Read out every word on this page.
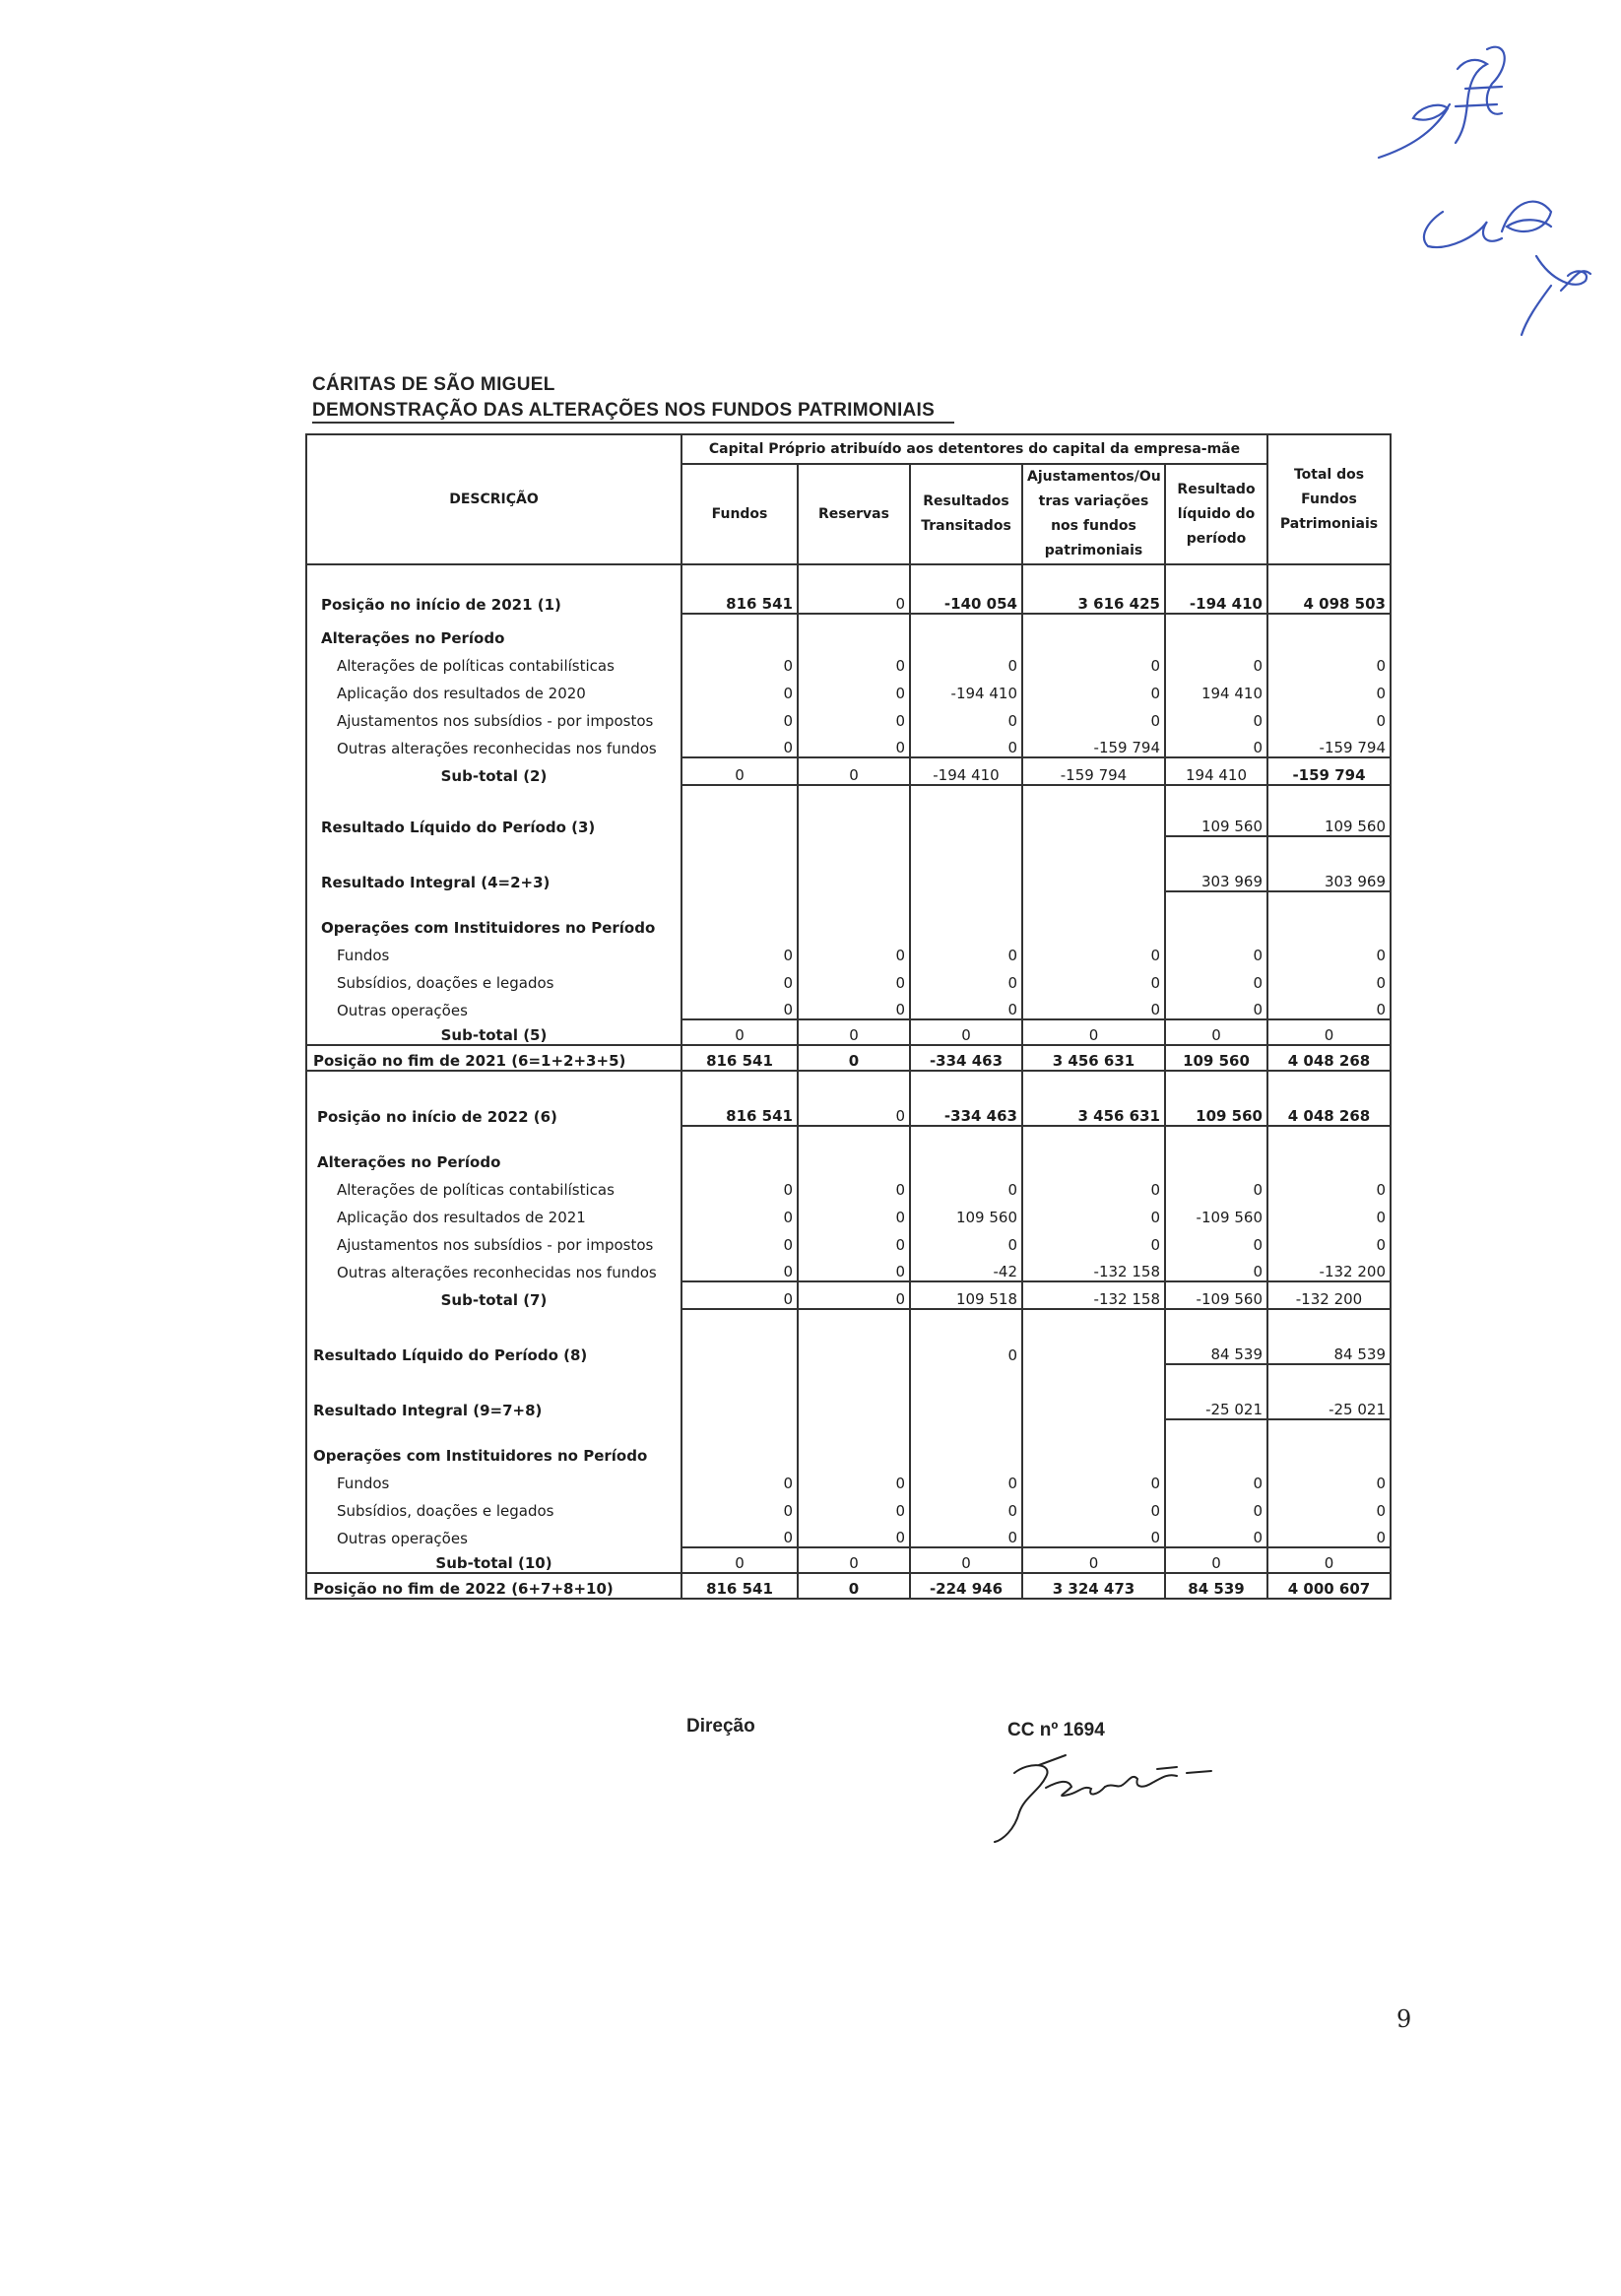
CÁRITAS DE SÃO MIGUEL
DEMONSTRAÇÃO DAS ALTERAÇÕES NOS FUNDOS PATRIMONIAIS
DESCRIÇÃO	Capital Próprio atribuído aos detentores do capital da empresa-mãe					Total dos Fundos Patrimoniais
	Fundos	Reservas	Resultados Transitados	Ajustamentos/Ou tras variações nos fundos patrimoniais	Resultado líquido do período	
Posição no início de 2021 (1)	816 541	0	-140 054	3 616 425	-194 410	4 098 503
Alterações no Período						
Alterações de políticas contabilísticas	0	0	0	0	0	0
Aplicação dos resultados de 2020	0	0	-194 410	0	194 410	0
Ajustamentos nos subsídios - por impostos	0	0	0	0	0	0
Outras alterações reconhecidas nos fundos	0	0	0	-159 794	0	-159 794
Sub-total (2)	0	0	-194 410	-159 794	194 410	-159 794
Resultado Líquido do Período (3)					109 560	109 560
Resultado Integral (4=2+3)					303 969	303 969
Operações com Instituidores no Período						
Fundos	0	0	0	0	0	0
Subsídios, doações e legados	0	0	0	0	0	0
Outras operações	0	0	0	0	0	0
Sub-total (5)	0	0	0	0	0	0
Posição no fim de 2021 (6=1+2+3+5)	816 541	0	-334 463	3 456 631	109 560	4 048 268
Posição no início de 2022 (6)	816 541	0	-334 463	3 456 631	109 560	4 048 268
Alterações no Período						
Alterações de políticas contabilísticas	0	0	0	0	0	0
Aplicação dos resultados de 2021	0	0	109 560	0	-109 560	0
Ajustamentos nos subsídios - por impostos	0	0	0	0	0	0
Outras alterações reconhecidas nos fundos	0	0	-42	-132 158	0	-132 200
Sub-total (7)	0	0	109 518	-132 158	-109 560	-132 200
Resultado Líquido do Período (8)			0		84 539	84 539
Resultado Integral (9=7+8)					-25 021	-25 021
Operações com Instituidores no Período						
Fundos	0	0	0	0	0	0
Subsídios, doações e legados	0	0	0	0	0	0
Outras operações	0	0	0	0	0	0
Sub-total (10)	0	0	0	0	0	0
Posição no fim de 2022 (6+7+8+10)	816 541	0	-224 946	3 324 473	84 539	4 000 607
Direção	CC nº 1694
9
